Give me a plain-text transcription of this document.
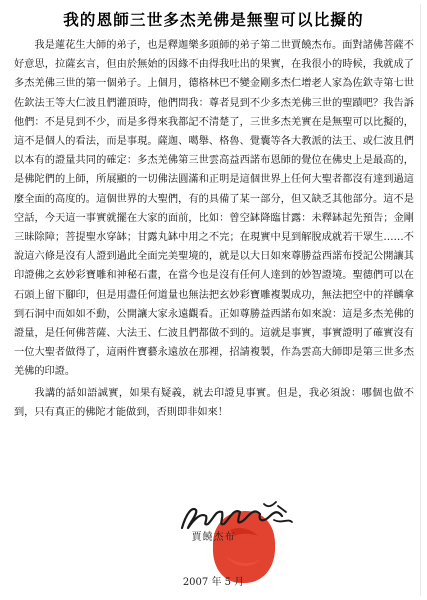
我的恩師三世多杰羌佛是無聖可以比擬的

我是蓮花生大師的弟子，也是釋迦樂多頭師的弟子第二世賈饒杰布。面對諸佛菩薩不好意思，拉薩玄言，但由於無始的因緣不由得我吐出的果實，在我很小的時候，我就成了多杰羌佛三世的第一個弟子。上個月，德格林巴不變金剛多杰仁增老人家為佐欽寺第七世佐欽法王等大仁波且們灌頂時，他們問我：尊者見到不少多杰羌佛三世的聖蹟吧？我告訴他們：不是見到不少，而是多得來我都記不清楚了，三世多杰羌實在是無聖可以比擬的，這不是個人的看法，而是事現。薩迦、噶舉、格魯、覺囊等各大教派的法王、或仁波且們以本有的證量共同的確定：多杰羌佛第三世雲高益西諾布恩師的覺位在佛史上是最高的，是佛陀們的上師，所展顯的一切佛法圓滿和正明是這個世界上任何大聖者都沒有達到過這麼全面的高度的。這個世界的大聖們，有的具備了某一部分，但又缺乏其他部分。這不是空話，今天這一事實就擺在大家的面前，比如：曾空缽降臨甘露：未釋缽起先預告；金剛三昧除障；菩提聖水穿缽；甘露丸缽中用之不完；在現實中見到解脫成就若干眾生……不說這六條是沒有人證到過此全面完美聖境的，就是以大日如來尊勝益西諾布授記公開讓其印證佛之玄妙彩寶雕和神秘石畫，在當今也是沒有任何人達到的妙智證境。聖德們可以在石頭上留下腳印，但是用盡任何道量也無法把玄妙彩寶雕複製成功，無法把空中的祥麟拿到石洞中而如如不動，公開讓大家永遠觀看。正如尊勝益西諾布如來說：這是多杰羌佛的證量，是任何佛菩薩、大法王、仁波且們都做不到的。這就是事實，事實證明了確實沒有一位大聖者做得了，這兩件寶藝永遠放在那裡，招請複製，作為雲高大師即是第三世多杰羌佛的印證。

我講的話如語誠實，如果有疑義，就去印證見事實。但是，我必須說：哪個也做不到，只有真正的佛陀才能做到，否則即非如來！

賈饒杰布
2007 年 5 月
